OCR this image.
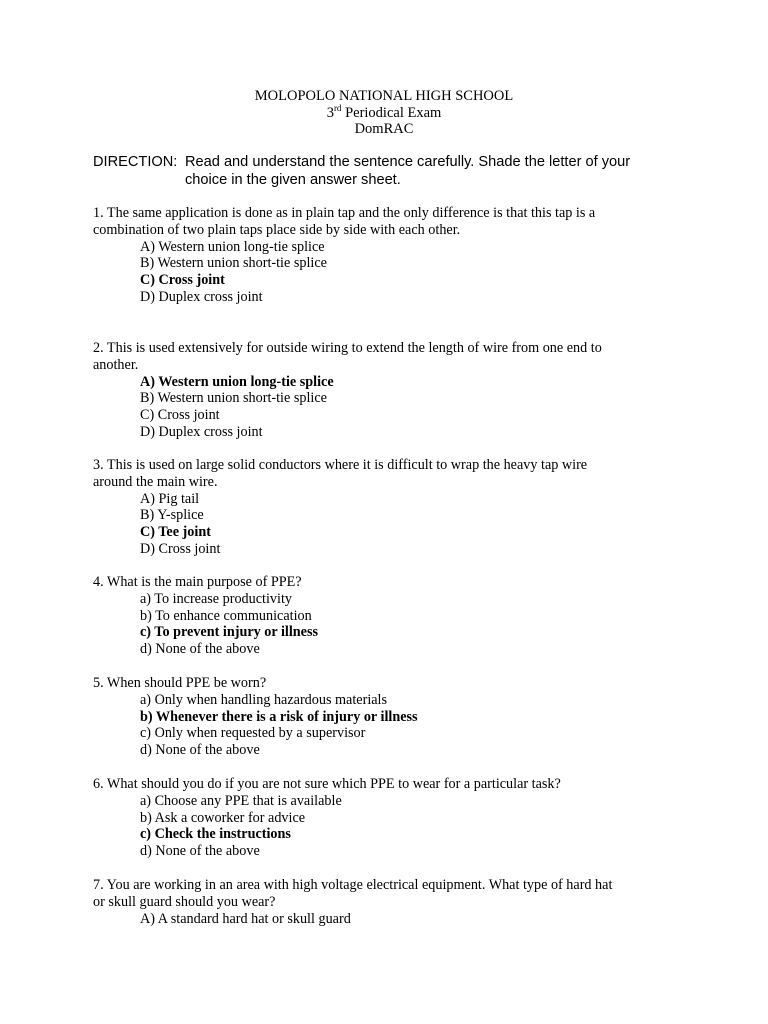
MOLOPOLO NATIONAL HIGH SCHOOL
3rd Periodical Exam
DomRAC
DIRECTION: Read and understand the sentence carefully. Shade the letter of your
choice in the given answer sheet.
1. The same application is done as in plain tap and the only difference is that this tap is a
combination of two plain taps place side by side with each other.
A) Western union long-tie splice
B) Western union short-tie splice
C) Cross joint
D) Duplex cross joint
2. This is used extensively for outside wiring to extend the length of wire from one end to
another.
A) Western union long-tie splice
B) Western union short-tie splice
C) Cross joint
D) Duplex cross joint
3. This is used on large solid conductors where it is difficult to wrap the heavy tap wire
around the main wire.
A) Pig tail
B) Y-splice
C) Tee joint
D) Cross joint
4. What is the main purpose of PPE?
a) To increase productivity
b) To enhance communication
c) To prevent injury or illness
d) None of the above
5. When should PPE be worn?
a) Only when handling hazardous materials
b) Whenever there is a risk of injury or illness
c) Only when requested by a supervisor
d) None of the above
6. What should you do if you are not sure which PPE to wear for a particular task?
a) Choose any PPE that is available
b) Ask a coworker for advice
c) Check the instructions
d) None of the above
7. You are working in an area with high voltage electrical equipment. What type of hard hat
or skull guard should you wear?
A) A standard hard hat or skull guard
